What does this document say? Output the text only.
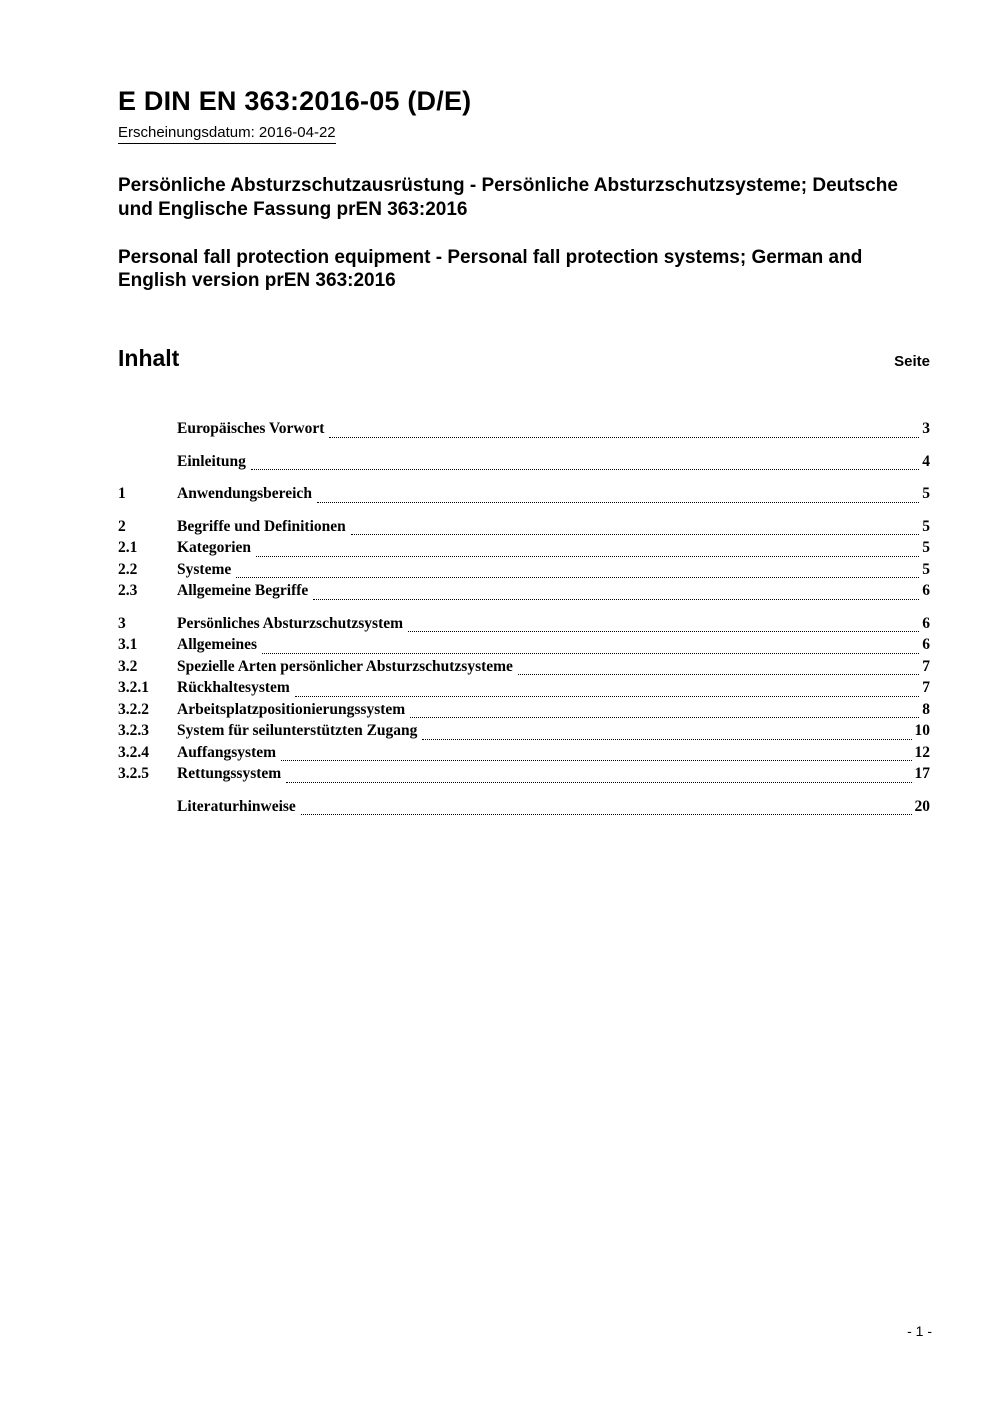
E DIN EN 363:2016-05 (D/E)
Erscheinungsdatum: 2016-04-22
Persönliche Absturzschutzausrüstung - Persönliche Absturzschutzsysteme; Deutsche und Englische Fassung prEN 363:2016
Personal fall protection equipment - Personal fall protection systems; German and English version prEN 363:2016
Inhalt	Seite
Europäisches Vorwort	3
Einleitung	4
1	Anwendungsbereich	5
2	Begriffe und Definitionen	5
2.1	Kategorien	5
2.2	Systeme	5
2.3	Allgemeine Begriffe	6
3	Persönliches Absturzschutzsystem	6
3.1	Allgemeines	6
3.2	Spezielle Arten persönlicher Absturzschutzsysteme	7
3.2.1	Rückhaltesystem	7
3.2.2	Arbeitsplatzpositionierungssystem	8
3.2.3	System für seilunterstützten Zugang	10
3.2.4	Auffangsystem	12
3.2.5	Rettungssystem	17
Literaturhinweise	20
- 1 -
